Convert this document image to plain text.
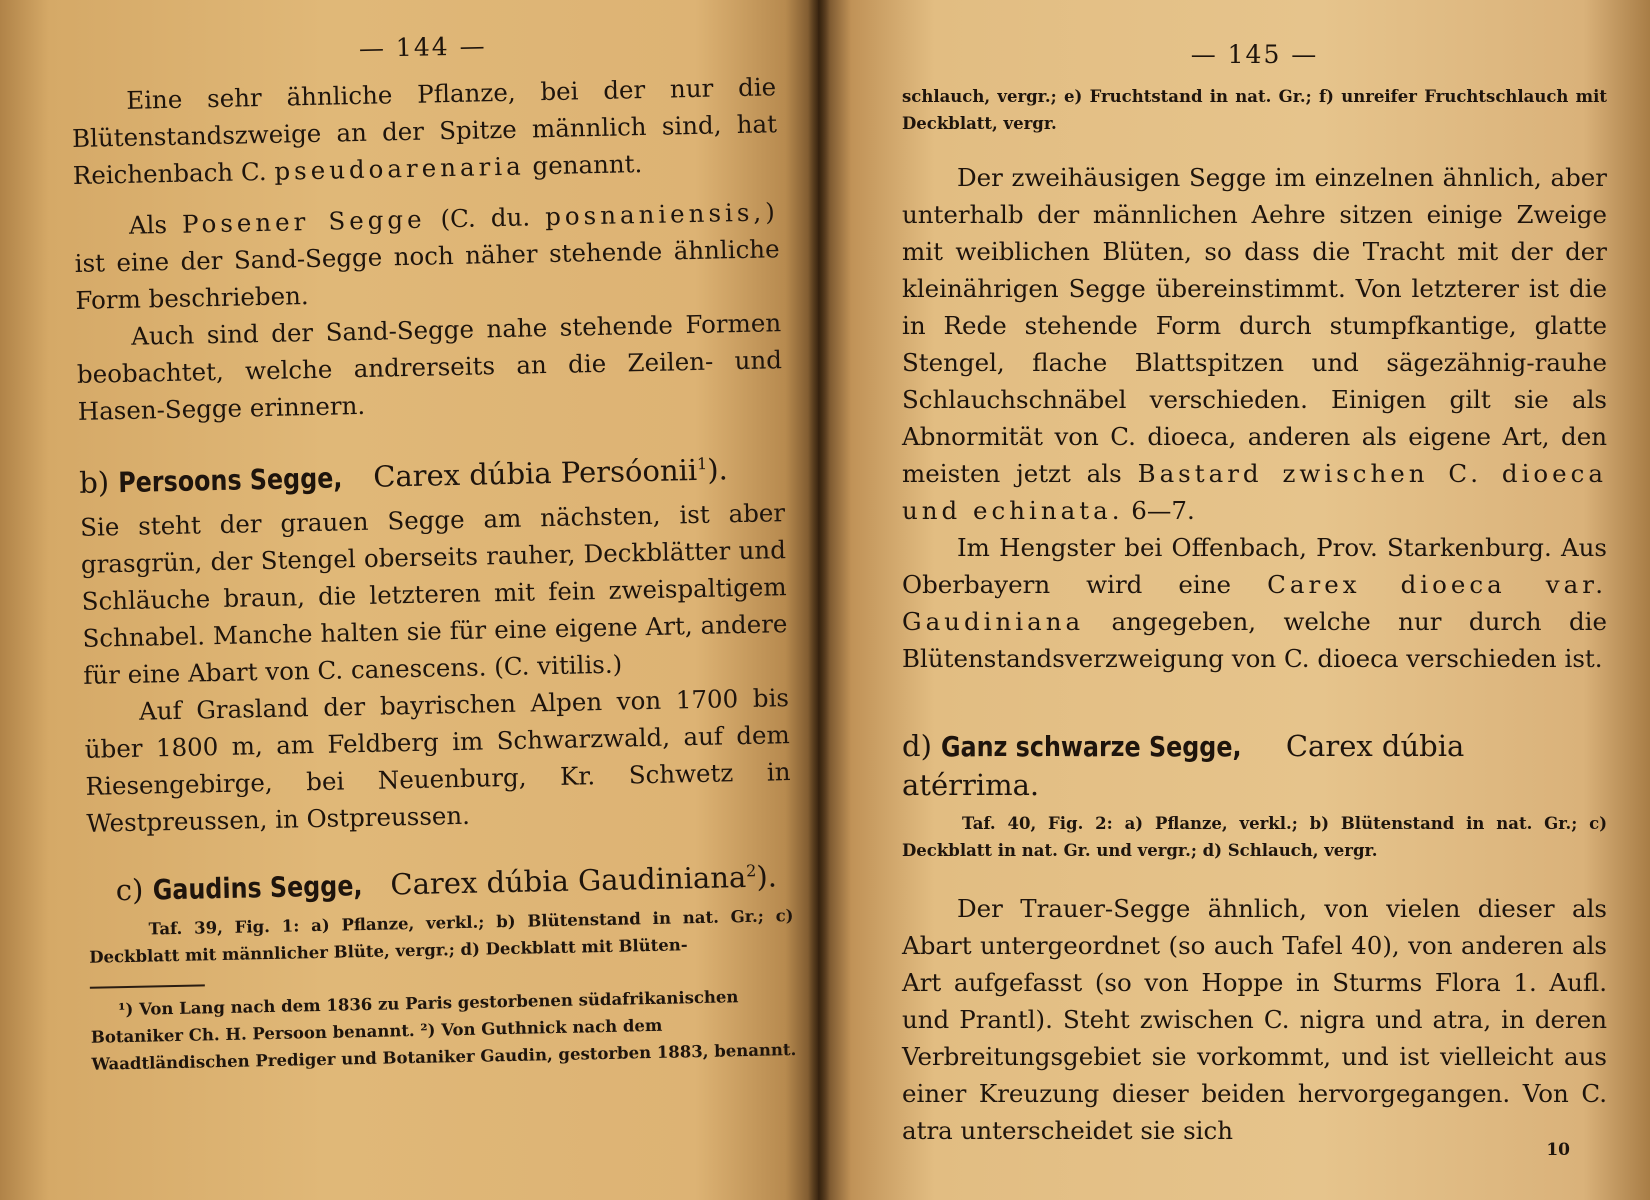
— 144 —

Eine sehr ähnliche Pflanze, bei der nur die Blütenstandszweige an der Spitze männlich sind, hat Reichenbach C. pseudoarenaria genannt.

Als Posener Segge (C. du. posnaniensis,) ist eine der Sand-Segge noch näher stehende ähnliche Form beschrieben.

Auch sind der Sand-Segge nahe stehende Formen beobachtet, welche andrerseits an die Zeilen- und Hasen-Segge erinnern.

b) Persoons Segge, Carex dúbia Persóonii$^1$).

Sie steht der grauen Segge am nächsten, ist aber grasgrün, der Stengel oberseits rauher, Deckblätter und Schläuche braun, die letzteren mit fein zweispaltigem Schnabel. Manche halten sie für eine eigene Art, andere für eine Abart von C. canescens. (C. vitilis.)

Auf Grasland der bayrischen Alpen von 1700 bis über 1800 m, am Feldberg im Schwarzwald, auf dem Riesengebirge, bei Neuenburg, Kr. Schwetz in Westpreussen, in Ostpreussen.

c) Gaudins Segge, Carex dúbia Gaudiniana$^2$).

Taf. 39, Fig. 1: a) Pflanze, verkl.; b) Blütenstand in nat. Gr.; c) Deckblatt mit männlicher Blüte, vergr.; d) Deckblatt mit Blüten-

¹) Von Lang nach dem 1836 zu Paris gestorbenen südafrikanischen Botaniker Ch. H. Persoon benannt. ²) Von Guthnick nach dem Waadtländischen Prediger und Botaniker Gaudin, gestorben 1883, benannt.

— 145 —

schlauch, vergr.; e) Fruchtstand in nat. Gr.; f) unreifer Fruchtschlauch mit Deckblatt, vergr.

Der zweihäusigen Segge im einzelnen ähnlich, aber unterhalb der männlichen Aehre sitzen einige Zweige mit weiblichen Blüten, so dass die Tracht mit der der kleinährigen Segge übereinstimmt. Von letzterer ist die in Rede stehende Form durch stumpfkantige, glatte Stengel, flache Blattspitzen und sägezähnig-rauhe Schlauchschnäbel verschieden. Einigen gilt sie als Abnormität von C. dioeca, anderen als eigene Art, den meisten jetzt als Bastard zwischen C. dioeca und echinata. 6—7.

Im Hengster bei Offenbach, Prov. Starkenburg. Aus Oberbayern wird eine Carex dioeca var. Gaudiniana angegeben, welche nur durch die Blütenstandsverzweigung von C. dioeca verschieden ist.

d) Ganz schwarze Segge, Carex dúbia atérrima.

Taf. 40, Fig. 2: a) Pflanze, verkl.; b) Blütenstand in nat. Gr.; c) Deckblatt in nat. Gr. und vergr.; d) Schlauch, vergr.

Der Trauer-Segge ähnlich, von vielen dieser als Abart untergeordnet (so auch Tafel 40), von anderen als Art aufgefasst (so von Hoppe in Sturms Flora 1. Aufl. und Prantl). Steht zwischen C. nigra und atra, in deren Verbreitungsgebiet sie vorkommt, und ist vielleicht aus einer Kreuzung dieser beiden hervorgegangen. Von C. atra unterscheidet sie sich

10
